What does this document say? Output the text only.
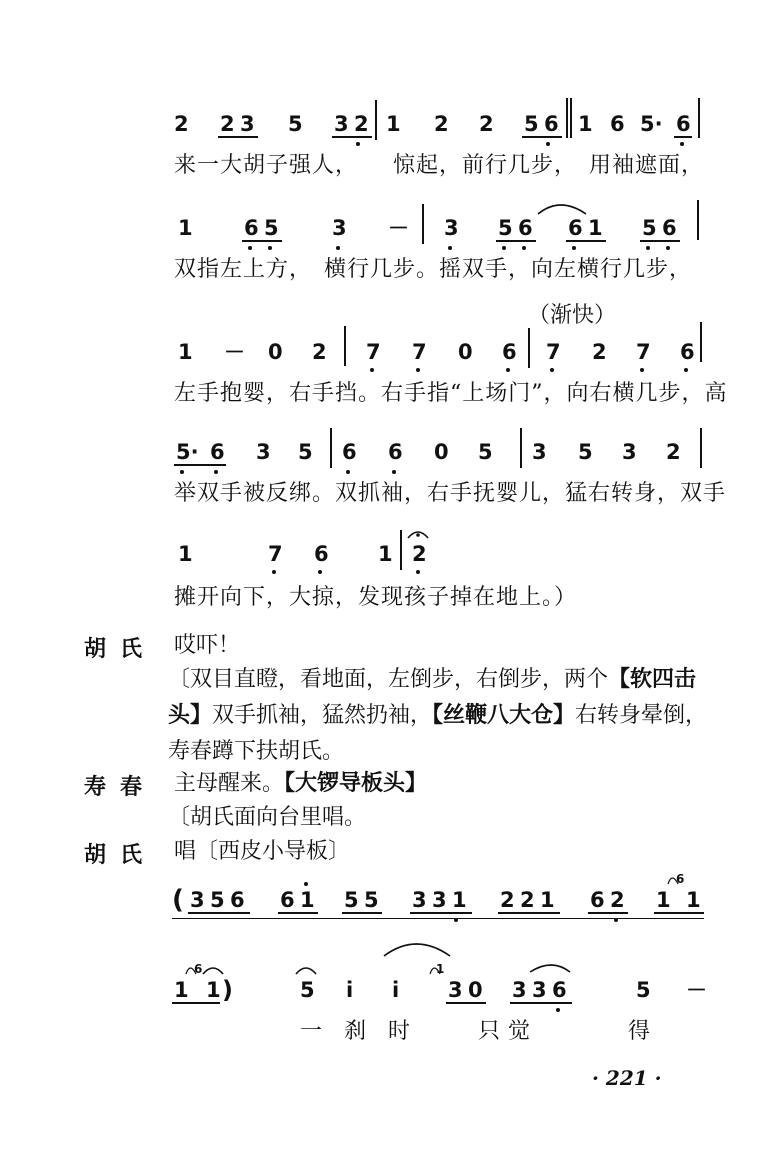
2 2 3 5 3 2 1 2 2 5 6 1 6 5· 6
来一大胡子强人，　　惊起，前行几步，　用袖遮面，
1 6 5	3 － 3 5 6 6 1 5 6
双指左上方，　横行几步。摇双手，向左横行几步，
（渐快）
1 － 0 2 7 7 0 6 7 2 7 6
左手抱婴，右手挡。右手指“上场门”，向右横几步，高
5· 6 3 5 6 6 0 5 3 5 3 2
举双手被反绑。双抓袖，右手抚婴儿，猛右转身，双手
1	7 6 1 2
摊开向下，大掠，发现孩子掉在地上。）
胡氏 哎吓！
〔双目直瞪，看地面，左倒步，右倒步，两个【软四击
头】双手抓袖，猛然扔袖，【丝鞭八大仓】右转身晕倒，
寿春蹲下扶胡氏。
寿春 主母醒来。【大锣导板头】
〔胡氏面向台里唱。
胡氏 唱〔西皮小导板〕
( 3 5 6 6 1 5 5 3 3 1 2 2 1 6 2 1 1
6
1 1 )	5 i i 3 0 3 3 6	5 －
6	1
一 刹 时	只 觉	得
· 221 ·
